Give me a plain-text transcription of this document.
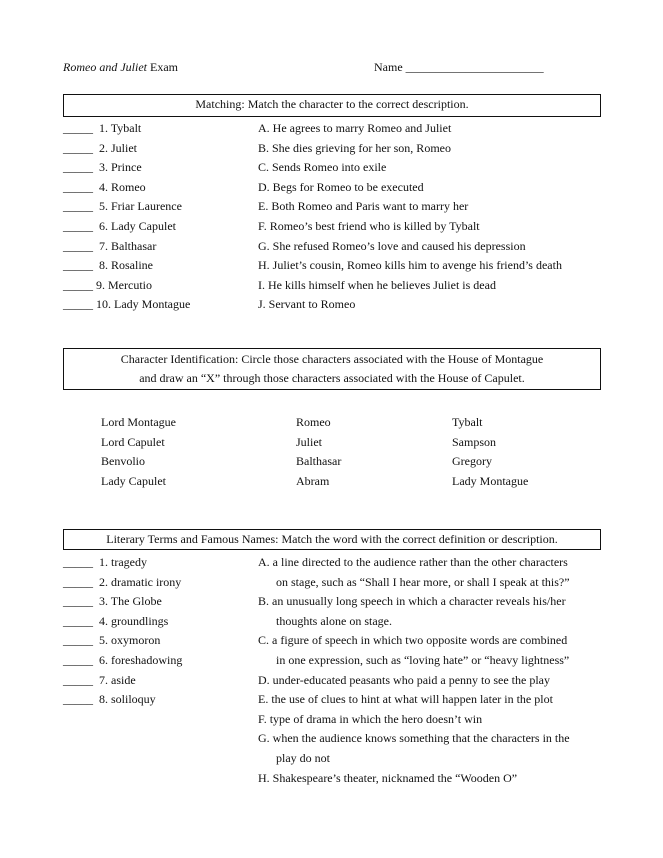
Romeo and Juliet Exam	Name _______________________
Matching: Match the character to the correct description.
_____  1. Tybalt	A. He agrees to marry Romeo and Juliet
_____  2. Juliet	B. She dies grieving for her son, Romeo
_____  3. Prince	C. Sends Romeo into exile
_____  4. Romeo	D. Begs for Romeo to be executed
_____  5. Friar Laurence	E. Both Romeo and Paris want to marry her
_____  6. Lady Capulet	F. Romeo’s best friend who is killed by Tybalt
_____  7. Balthasar	G. She refused Romeo’s love and caused his depression
_____  8. Rosaline	H. Juliet’s cousin, Romeo kills him to avenge his friend’s death
_____ 9. Mercutio	I. He kills himself when he believes Juliet is dead
_____ 10. Lady Montague	J. Servant to Romeo
Character Identification: Circle those characters associated with the House of Montague
and draw an “X” through those characters associated with the House of Capulet.
Lord Montague
Lord Capulet
Benvolio
Lady Capulet
Romeo
Juliet
Balthasar
Abram
Tybalt
Sampson
Gregory
Lady Montague
Literary Terms and Famous Names: Match the word with the correct definition or description.
_____  1. tragedy
_____  2. dramatic irony
_____  3. The Globe
_____  4. groundlings
_____  5. oxymoron
_____  6. foreshadowing
_____  7. aside
_____  8. soliloquy
A. a line directed to the audience rather than the other characters
on stage, such as “Shall I hear more, or shall I speak at this?”
B. an unusually long speech in which a character reveals his/her
thoughts alone on stage.
C. a figure of speech in which two opposite words are combined
in one expression, such as “loving hate” or “heavy lightness”
D. under-educated peasants who paid a penny to see the play
E. the use of clues to hint at what will happen later in the plot
F. type of drama in which the hero doesn’t win
G. when the audience knows something that the characters in the
play do not
H. Shakespeare’s theater, nicknamed the “Wooden O”
